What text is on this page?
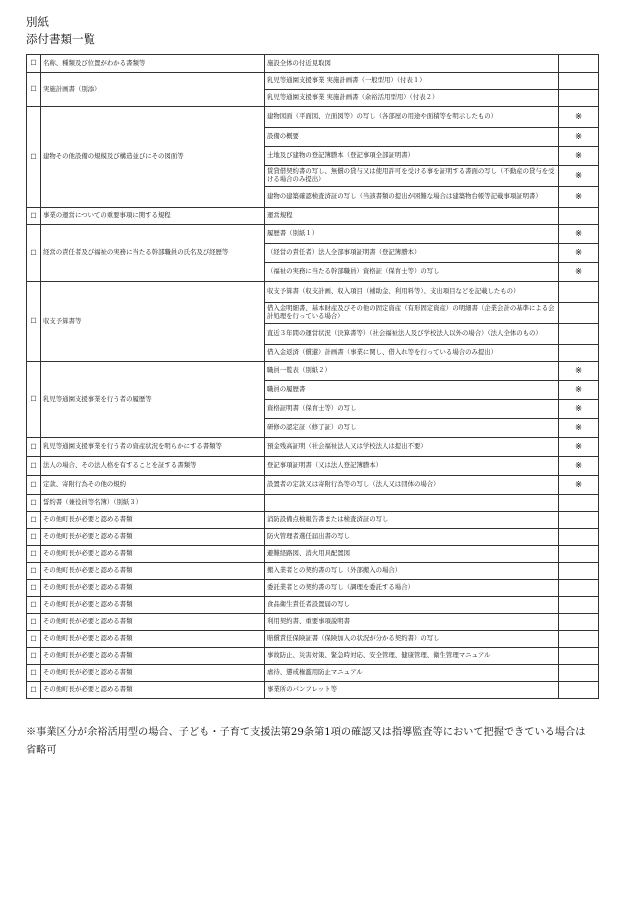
別紙
添付書類一覧
☐	名称、種類及び位置がわかる書類等	施設全体の付近見取図	
☐	実施計画書（別添）	乳児等通園支援事業 実施計画書（一般型用）（付表１）	
		乳児等通園支援事業 実施計画書（余裕活用型用）（付表２）	
☐	建物その他設備の規模及び構造並びにその図面等	建物図面（平面図、立面図等）の写し（各部屋の用途や面積等を明示したもの）	※
		設備の概要	※
		土地及び建物の登記簿謄本（登記事項全部証明書）	※
		賃貸借契約書の写し、無償の貸与又は使用許可を受ける事を証明する書面の写し（不動産の貸与を受ける場合のみ提出）	※
		建物の建築確認検査済証の写し（当該書類の提出が困難な場合は建築物台帳等記載事項証明書）	※
☐	事業の運営についての重要事項に関する規程	運営規程	
☐	経営の責任者及び福祉の実務に当たる幹部職員の氏名及び経歴等	履歴書（別紙１）	※
		（経営の責任者）法人全部事項証明書（登記簿謄本）	※
		（福祉の実務に当たる幹部職員）資格証（保育士等）の写し	※
☐	収支予算書等	収支予算書（収支計画、収入項目（補助金、利用料等）、支出項目などを記載したもの）	
		借入金明細書、基本財産及びその他の固定資産（有形固定資産）の明細書（企業会計の基準による会計処理を行っている場合）	
		直近３年間の運営状況（決算書等）（社会福祉法人及び学校法人以外の場合）（法人全体のもの）	
		借入金返済（償還）計画書（事業に関し、借入れ等を行っている場合のみ提出）	
☐	乳児等通園支援事業を行う者の履歴等	職員一覧表（別紙２）	※
		職員の履歴書	※
		資格証明書（保育士等）の写し	※
		研修の認定証（修了証）の写し	※
☐	乳児等通園支援事業を行う者の資産状況を明らかにする書類等	預金残高証明（社会福祉法人又は学校法人は提出不要）	※
☐	法人の場合、その法人格を有することを証する書類等	登記事項証明書（又は法人登記簿謄本）	※
☐	定款、寄附行為その他の規約	設置者の定款又は寄附行為等の写し（法人又は団体の場合）	※
☐	誓約書（兼役員等名簿）（別紙３）		
☐	その他町長が必要と認める書類	消防設備点検報告書または検査済証の写し	
☐	その他町長が必要と認める書類	防火管理者選任届出書の写し	
☐	その他町長が必要と認める書類	避難経路図、消火用具配置図	
☐	その他町長が必要と認める書類	搬入業者との契約書の写し（外部搬入の場合）	
☐	その他町長が必要と認める書類	委託業者との契約書の写し（調理を委託する場合）	
☐	その他町長が必要と認める書類	食品衛生責任者設置届の写し	
☐	その他町長が必要と認める書類	利用契約書、重要事項説明書	
☐	その他町長が必要と認める書類	賠償責任保険証書（保険加入の状況が分かる契約書）の写し	
☐	その他町長が必要と認める書類	事故防止、災害対策、緊急時対応、安全管理、健康管理、衛生管理マニュアル	
☐	その他町長が必要と認める書類	虐待、懲戒権濫用防止マニュアル	
☐	その他町長が必要と認める書類	事業所のパンフレット等	
※事業区分が余裕活用型の場合、子ども・子育て支援法第29条第1項の確認又は指導監査等において把握できている場合は省略可
